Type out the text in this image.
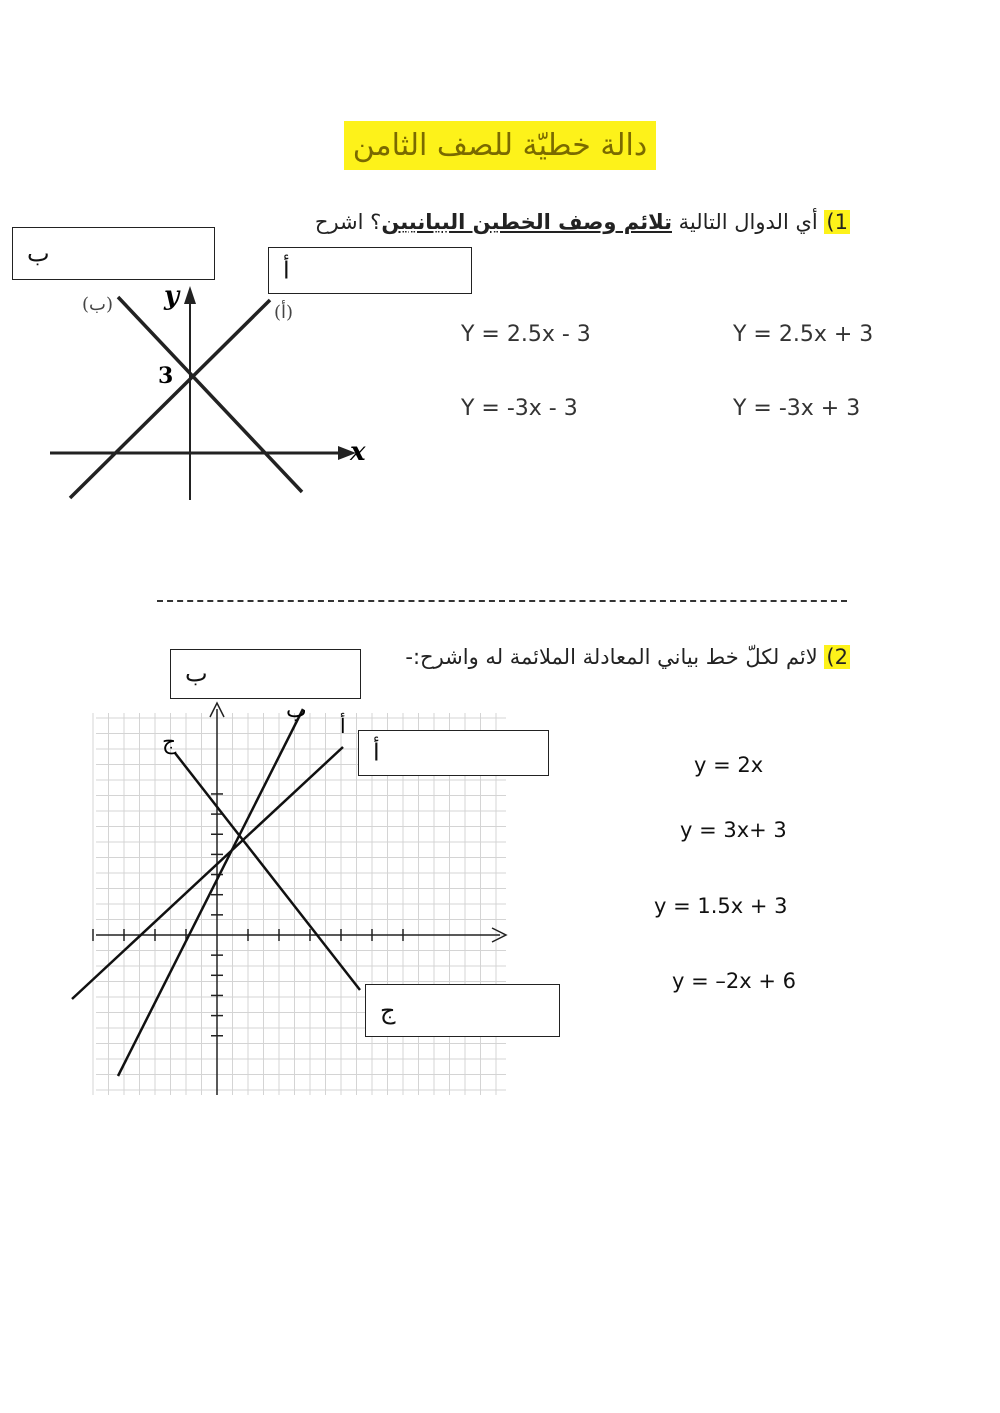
دالة خطيّة للصف الثامن
1) أي الدوال التالية تلائم وصف الخطين البيانيين؟ اشرح
ب
أ
y
x
3
(ب)	(أ)
Y = 2.5x + 3
Y = 2.5x - 3
Y = -3x + 3
Y = -3x - 3
2) لائم لكلّ خط بياني المعادلة الملائمة له واشرح:-
ب
ج
ب
أ
أ
ج
y = 2x
y = 3x+ 3
y = 1.5x + 3
y = –2x + 6
